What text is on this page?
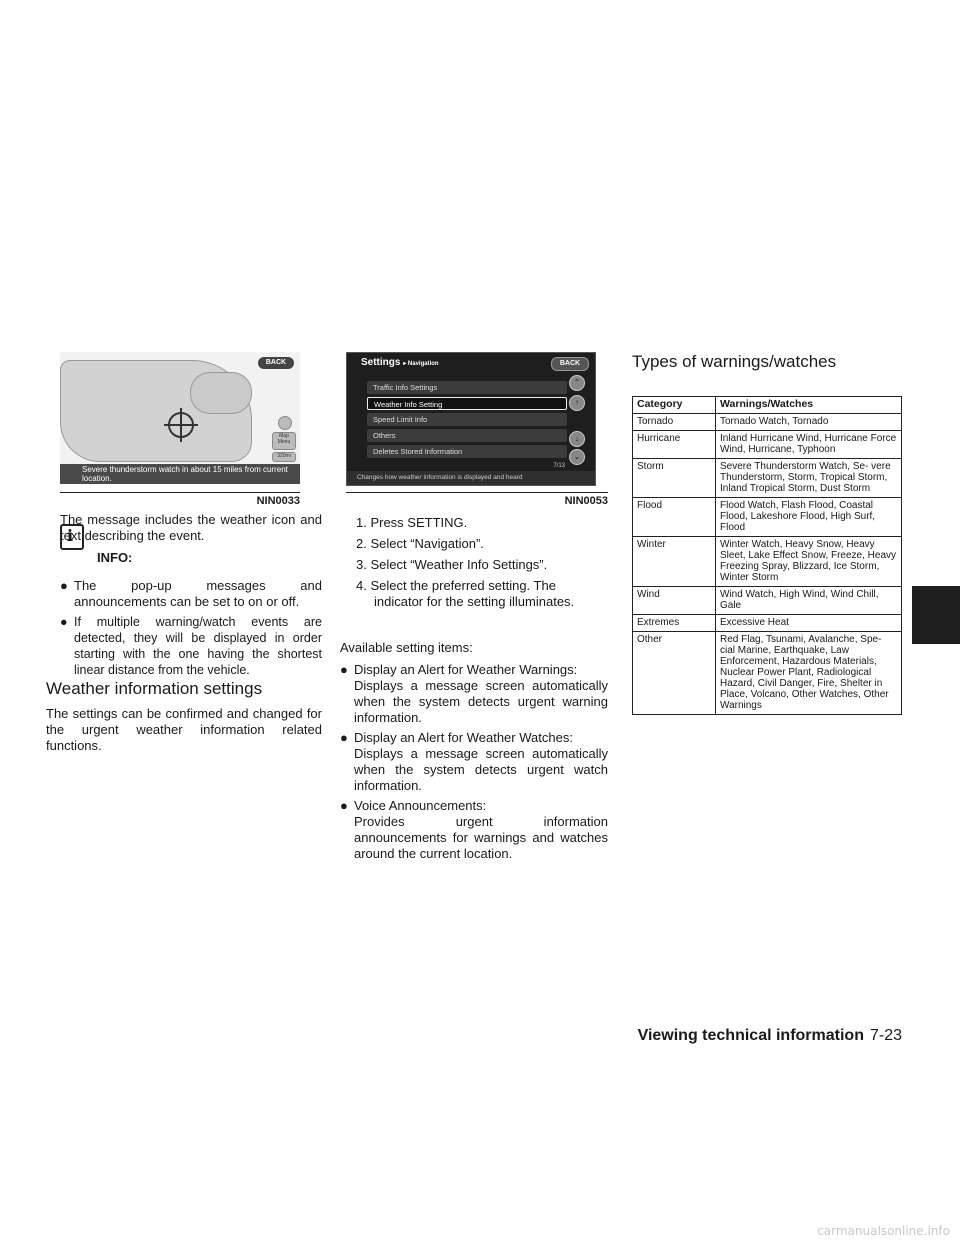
BACK
Map Menu
320mi
Severe thunderstorm watch in about 15 miles from current location.
NIN0033
Settings ▸ Navigation	BACK
Traffic Info Settings
Weather Info Setting
Speed Limit Info
Others
Deletes Stored Information
⌃
↑
↓
⌄
7/13
Changes how weather information is displayed and heard
NIN0053

The message includes the weather icon and text describing the event.

i
INFO:
● The pop-up messages and announcements can be set to on or off.
● If multiple warning/watch events are detected, they will be displayed in order starting with the one having the shortest linear distance from the vehicle.
Weather information settings

The settings can be confirmed and changed for the urgent weather information related functions.

1. Press SETTING.
2. Select “Navigation”.
3. Select “Weather Info Settings”.
4. Select the preferred setting. The indicator for the setting illuminates.

Available setting items:

● Display an Alert for Weather Warnings:
Displays a message screen automatically when the system detects urgent warning information.
● Display an Alert for Weather Watches:
Displays a message screen automatically when the system detects urgent watch information.
● Voice Announcements:
Provides urgent information announcements for warnings and watches around the current location.
Types of warnings/watches
Category	Warnings/Watches
Tornado	Tornado Watch, Tornado
Hurricane	Inland Hurricane Wind, Hurricane Force Wind, Hurricane, Typhoon
Storm	Severe Thunderstorm Watch, Se- vere Thunderstorm, Storm, Tropical Storm, Inland Tropical Storm, Dust Storm
Flood	Flood Watch, Flash Flood, Coastal Flood, Lakeshore Flood, High Surf, Flood
Winter	Winter Watch, Heavy Snow, Heavy Sleet, Lake Effect Snow, Freeze, Heavy Freezing Spray, Blizzard, Ice Storm, Winter Storm
Wind	Wind Watch, High Wind, Wind Chill, Gale
Extremes	Excessive Heat
Other	Red Flag, Tsunami, Avalanche, Spe- cial Marine, Earthquake, Law Enforcement, Hazardous Materials, Nuclear Power Plant, Radiological Hazard, Civil Danger, Fire, Shelter in Place, Volcano, Other Watches, Other Warnings
Viewing technical information 7-23
carmanualsonline.info
